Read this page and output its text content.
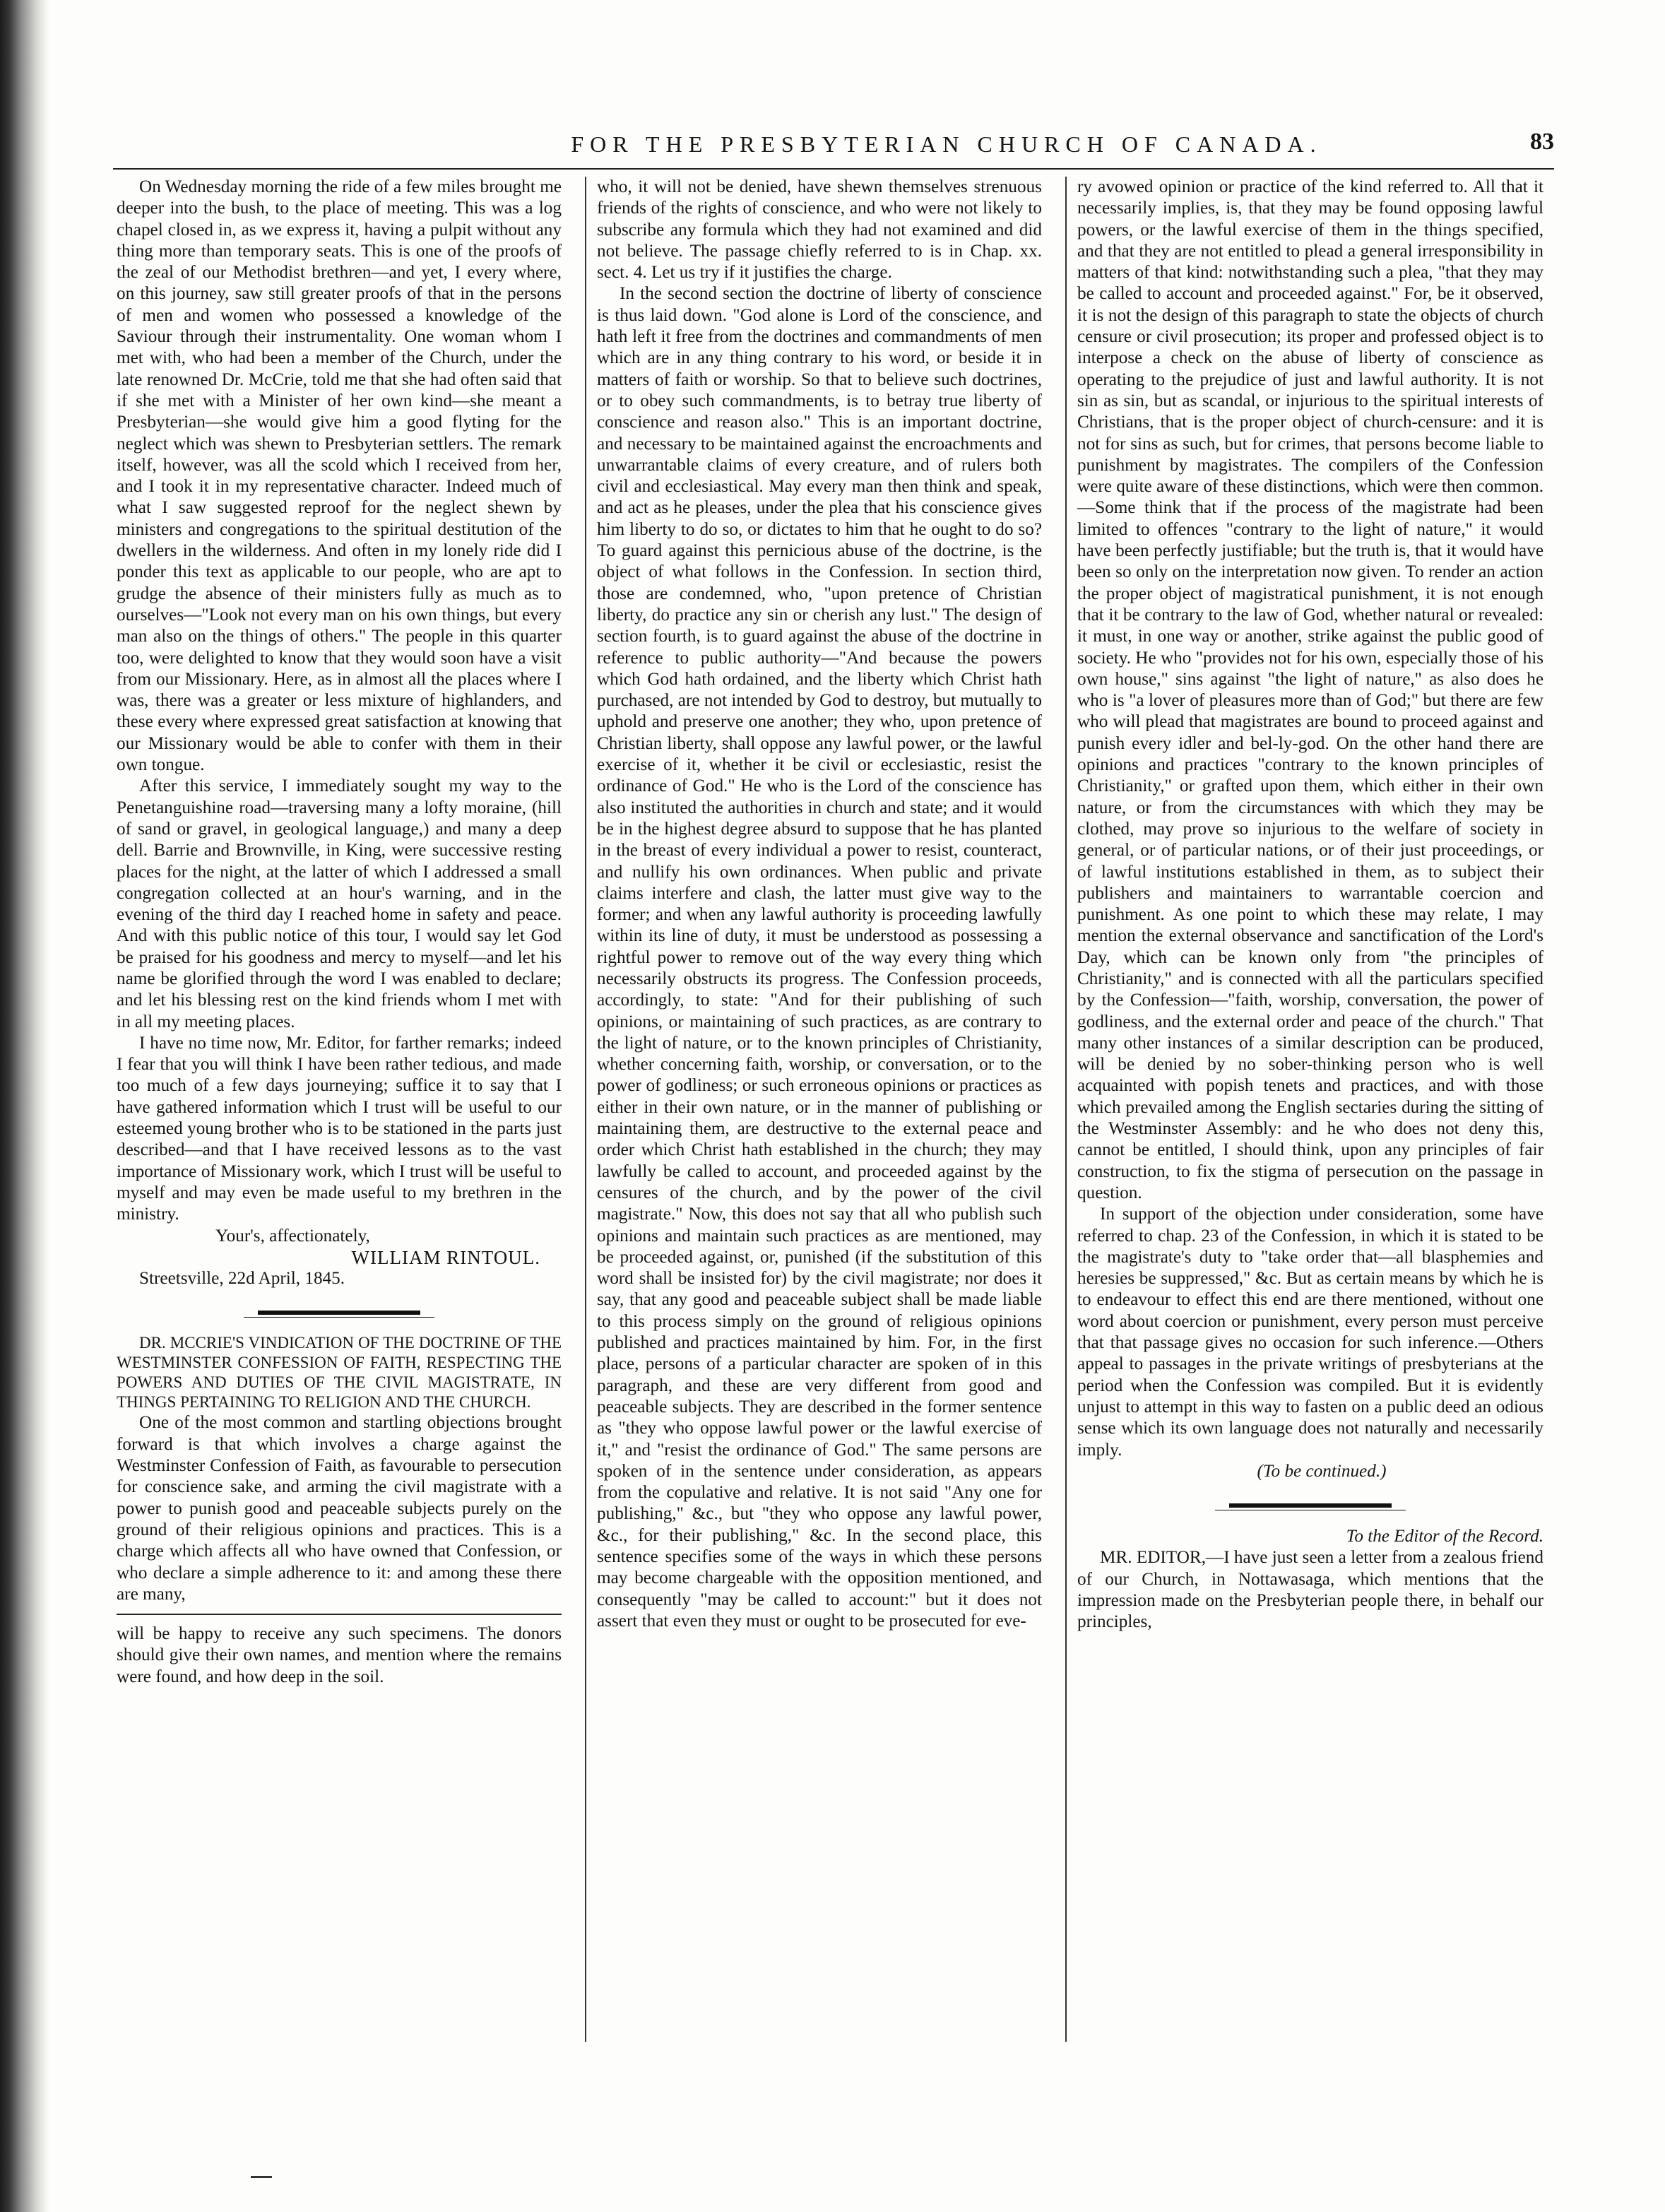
FOR THE PRESBYTERIAN CHURCH OF CANADA.	83

On Wednesday morning the ride of a few miles brought me deeper into the bush, to the place of meeting. This was a log chapel closed in, as we express it, having a pulpit without any thing more than temporary seats. This is one of the proofs of the zeal of our Methodist brethren—and yet, I every where, on this journey, saw still greater proofs of that in the persons of men and women who possessed a knowledge of the Saviour through their instrumentality. One woman whom I met with, who had been a member of the Church, under the late renowned Dr. McCrie, told me that she had often said that if she met with a Minister of her own kind—she meant a Presbyterian—she would give him a good flyting for the neglect which was shewn to Presbyterian settlers. The remark itself, however, was all the scold which I received from her, and I took it in my representative character. Indeed much of what I saw suggested reproof for the neglect shewn by ministers and congregations to the spiritual destitution of the dwellers in the wilderness. And often in my lonely ride did I ponder this text as applicable to our people, who are apt to grudge the absence of their ministers fully as much as to ourselves—"Look not every man on his own things, but every man also on the things of others." The people in this quarter too, were delighted to know that they would soon have a visit from our Missionary. Here, as in almost all the places where I was, there was a greater or less mixture of highlanders, and these every where expressed great satisfaction at knowing that our Missionary would be able to confer with them in their own tongue.

After this service, I immediately sought my way to the Penetanguishine road—traversing many a lofty moraine, (hill of sand or gravel, in geological language,) and many a deep dell. Barrie and Brownville, in King, were successive resting places for the night, at the latter of which I addressed a small congregation collected at an hour's warning, and in the evening of the third day I reached home in safety and peace. And with this public notice of this tour, I would say let God be praised for his goodness and mercy to myself—and let his name be glorified through the word I was enabled to declare; and let his blessing rest on the kind friends whom I met with in all my meeting places.

I have no time now, Mr. Editor, for farther remarks; indeed I fear that you will think I have been rather tedious, and made too much of a few days journeying; suffice it to say that I have gathered information which I trust will be useful to our esteemed young brother who is to be stationed in the parts just described—and that I have received lessons as to the vast importance of Missionary work, which I trust will be useful to myself and may even be made useful to my brethren in the ministry.

Your's, affectionately,
WILLIAM RINTOUL.
Streetsville, 22d April, 1845.

DR. MCCRIE'S VINDICATION OF THE DOCTRINE OF THE WESTMINSTER CONFESSION OF FAITH, RESPECTING THE POWERS AND DUTIES OF THE CIVIL MAGISTRATE, IN THINGS PERTAINING TO RELIGION AND THE CHURCH.

One of the most common and startling objections brought forward is that which involves a charge against the Westminster Confession of Faith, as favourable to persecution for conscience sake, and arming the civil magistrate with a power to punish good and peaceable subjects purely on the ground of their religious opinions and practices. This is a charge which affects all who have owned that Confession, or who declare a simple adherence to it: and among these there are many,

will be happy to receive any such specimens. The donors should give their own names, and mention where the remains were found, and how deep in the soil.

who, it will not be denied, have shewn themselves strenuous friends of the rights of conscience, and who were not likely to subscribe any formula which they had not examined and did not believe. The passage chiefly referred to is in Chap. xx. sect. 4. Let us try if it justifies the charge.

In the second section the doctrine of liberty of conscience is thus laid down. "God alone is Lord of the conscience, and hath left it free from the doctrines and commandments of men which are in any thing contrary to his word, or beside it in matters of faith or worship. So that to believe such doctrines, or to obey such commandments, is to betray true liberty of conscience and reason also." This is an important doctrine, and necessary to be maintained against the encroachments and unwarrantable claims of every creature, and of rulers both civil and ecclesiastical. May every man then think and speak, and act as he pleases, under the plea that his conscience gives him liberty to do so, or dictates to him that he ought to do so? To guard against this pernicious abuse of the doctrine, is the object of what follows in the Confession. In section third, those are condemned, who, "upon pretence of Christian liberty, do practice any sin or cherish any lust." The design of section fourth, is to guard against the abuse of the doctrine in reference to public authority—"And because the powers which God hath ordained, and the liberty which Christ hath purchased, are not intended by God to destroy, but mutually to uphold and preserve one another; they who, upon pretence of Christian liberty, shall oppose any lawful power, or the lawful exercise of it, whether it be civil or ecclesiastic, resist the ordinance of God." He who is the Lord of the conscience has also instituted the authorities in church and state; and it would be in the highest degree absurd to suppose that he has planted in the breast of every individual a power to resist, counteract, and nullify his own ordinances. When public and private claims interfere and clash, the latter must give way to the former; and when any lawful authority is proceeding lawfully within its line of duty, it must be understood as possessing a rightful power to remove out of the way every thing which necessarily obstructs its progress. The Confession proceeds, accordingly, to state: "And for their publishing of such opinions, or maintaining of such practices, as are contrary to the light of nature, or to the known principles of Christianity, whether concerning faith, worship, or conversation, or to the power of godliness; or such erroneous opinions or practices as either in their own nature, or in the manner of publishing or maintaining them, are destructive to the external peace and order which Christ hath established in the church; they may lawfully be called to account, and proceeded against by the censures of the church, and by the power of the civil magistrate." Now, this does not say that all who publish such opinions and maintain such practices as are mentioned, may be proceeded against, or, punished (if the substitution of this word shall be insisted for) by the civil magistrate; nor does it say, that any good and peaceable subject shall be made liable to this process simply on the ground of religious opinions published and practices maintained by him. For, in the first place, persons of a particular character are spoken of in this paragraph, and these are very different from good and peaceable subjects. They are described in the former sentence as "they who oppose lawful power or the lawful exercise of it," and "resist the ordinance of God." The same persons are spoken of in the sentence under consideration, as appears from the copulative and relative. It is not said "Any one for publishing," &c., but "they who oppose any lawful power, &c., for their publishing," &c. In the second place, this sentence specifies some of the ways in which these persons may become chargeable with the opposition mentioned, and consequently "may be called to account:" but it does not assert that even they must or ought to be prosecuted for eve-

ry avowed opinion or practice of the kind referred to. All that it necessarily implies, is, that they may be found opposing lawful powers, or the lawful exercise of them in the things specified, and that they are not entitled to plead a general irresponsibility in matters of that kind: notwithstanding such a plea, "that they may be called to account and proceeded against." For, be it observed, it is not the design of this paragraph to state the objects of church censure or civil prosecution; its proper and professed object is to interpose a check on the abuse of liberty of conscience as operating to the prejudice of just and lawful authority. It is not sin as sin, but as scandal, or injurious to the spiritual interests of Christians, that is the proper object of church-censure: and it is not for sins as such, but for crimes, that persons become liable to punishment by magistrates. The compilers of the Confession were quite aware of these distinctions, which were then common.—Some think that if the process of the magistrate had been limited to offences "contrary to the light of nature," it would have been perfectly justifiable; but the truth is, that it would have been so only on the interpretation now given. To render an action the proper object of magistratical punishment, it is not enough that it be contrary to the law of God, whether natural or revealed: it must, in one way or another, strike against the public good of society. He who "provides not for his own, especially those of his own house," sins against "the light of nature," as also does he who is "a lover of pleasures more than of God;" but there are few who will plead that magistrates are bound to proceed against and punish every idler and bel-ly-god. On the other hand there are opinions and practices "contrary to the known principles of Christianity," or grafted upon them, which either in their own nature, or from the circumstances with which they may be clothed, may prove so injurious to the welfare of society in general, or of particular nations, or of their just proceedings, or of lawful institutions established in them, as to subject their publishers and maintainers to warrantable coercion and punishment. As one point to which these may relate, I may mention the external observance and sanctification of the Lord's Day, which can be known only from "the principles of Christianity," and is connected with all the particulars specified by the Confession—"faith, worship, conversation, the power of godliness, and the external order and peace of the church." That many other instances of a similar description can be produced, will be denied by no sober-thinking person who is well acquainted with popish tenets and practices, and with those which prevailed among the English sectaries during the sitting of the Westminster Assembly: and he who does not deny this, cannot be entitled, I should think, upon any principles of fair construction, to fix the stigma of persecution on the passage in question.

In support of the objection under consideration, some have referred to chap. 23 of the Confession, in which it is stated to be the magistrate's duty to "take order that—all blasphemies and heresies be suppressed," &c. But as certain means by which he is to endeavour to effect this end are there mentioned, without one word about coercion or punishment, every person must perceive that that passage gives no occasion for such inference.—Others appeal to passages in the private writings of presbyterians at the period when the Confession was compiled. But it is evidently unjust to attempt in this way to fasten on a public deed an odious sense which its own language does not naturally and necessarily imply.

(To be continued.)

To the Editor of the Record.

MR. EDITOR,—I have just seen a letter from a zealous friend of our Church, in Nottawasaga, which mentions that the impression made on the Presbyterian people there, in behalf our principles,
